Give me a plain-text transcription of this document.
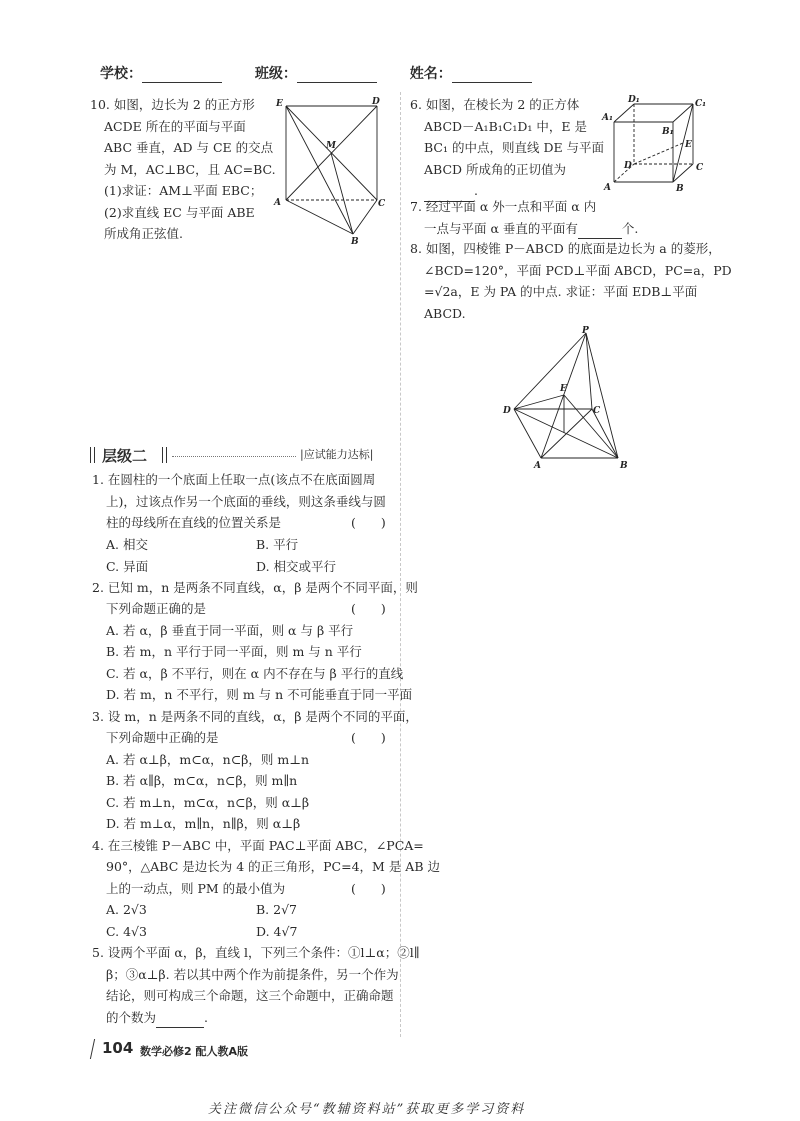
学校：	班级：	姓名：
10. 如图，边长为 2 的正方形
ACDE 所在的平面与平面
ABC 垂直，AD 与 CE 的交点
为 M，AC⊥BC，且 AC=BC.
(1)求证：AM⊥平面 EBC；
(2)求直线 EC 与平面 ABE
所成角正弦值.
E	D
M
A	C
B
6. 如图，在棱长为 2 的正方体
ABCD－A₁B₁C₁D₁ 中，E 是
BC₁ 的中点，则直线 DE 与平面
ABCD 所成角的正切值为
.
D₁	C₁
A₁
B₁
E
D	C
A	B
7. 经过平面 α 外一点和平面 α 内
一点与平面 α 垂直的平面有	个.
8. 如图，四棱锥 P－ABCD 的底面是边长为 a 的菱形，
∠BCD=120°，平面 PCD⊥平面 ABCD，PC=a，PD
=√2a，E 为 PA 的中点. 求证：平面 EDB⊥平面
ABCD.
P
E
D	C
A	B
层级二	|应试能力达标|
1. 在圆柱的一个底面上任取一点(该点不在底面圆周
上)，过该点作另一个底面的垂线，则这条垂线与圆
柱的母线所在直线的位置关系是	(　　)
A. 相交	B. 平行
C. 异面	D. 相交或平行
2. 已知 m，n 是两条不同直线，α，β 是两个不同平面，则
下列命题正确的是	(　　)
A. 若 α，β 垂直于同一平面，则 α 与 β 平行
B. 若 m，n 平行于同一平面，则 m 与 n 平行
C. 若 α，β 不平行，则在 α 内不存在与 β 平行的直线
D. 若 m，n 不平行，则 m 与 n 不可能垂直于同一平面
3. 设 m，n 是两条不同的直线，α，β 是两个不同的平面，
下列命题中正确的是	(　　)
A. 若 α⊥β，m⊂α，n⊂β，则 m⊥n
B. 若 α∥β，m⊂α，n⊂β，则 m∥n
C. 若 m⊥n，m⊂α，n⊂β，则 α⊥β
D. 若 m⊥α，m∥n，n∥β，则 α⊥β
4. 在三棱锥 P－ABC 中，平面 PAC⊥平面 ABC，∠PCA=
90°，△ABC 是边长为 4 的正三角形，PC=4，M 是 AB 边
上的一动点，则 PM 的最小值为	(　　)
A. 2√3	B. 2√7
C. 4√3	D. 4√7
5. 设两个平面 α，β，直线 l，下列三个条件：①l⊥α；②l∥
β；③α⊥β. 若以其中两个作为前提条件，另一个作为
结论，则可构成三个命题，这三个命题中，正确命题
的个数为	.
104 数学必修2 配人教A版
关注微信公众号“教辅资料站”获取更多学习资料
